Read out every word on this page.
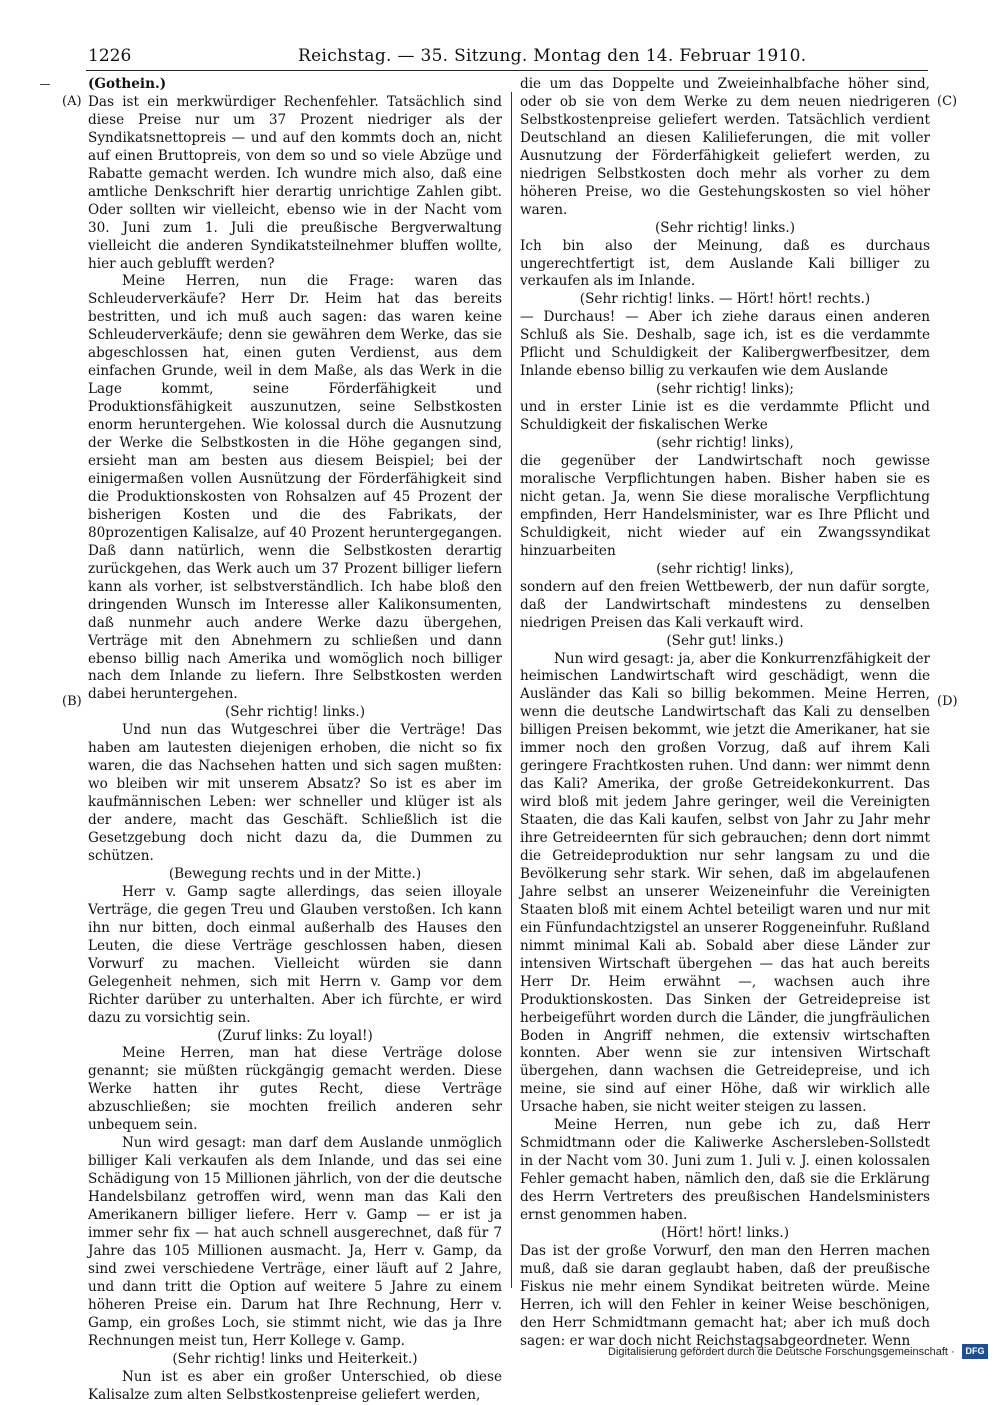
1226	Reichstag. — 35. Sitzung. Montag den 14. Februar 1910.
(A)
(B)
(C)
(D)

(Gothein.)

Das ist ein merkwürdiger Rechenfehler. Tatsächlich sind diese Preise nur um 37 Prozent niedriger als der Syndikatsnettopreis — und auf den kommts doch an, nicht auf einen Bruttopreis, von dem so und so viele Abzüge und Rabatte gemacht werden. Ich wundre mich also, daß eine amtliche Denkschrift hier derartig unrichtige Zahlen gibt. Oder sollten wir vielleicht, ebenso wie in der Nacht vom 30. Juni zum 1. Juli die preußische Bergverwaltung vielleicht die anderen Syndikatsteilnehmer bluffen wollte, hier auch geblufft werden?

Meine Herren, nun die Frage: waren das Schleuderverkäufe? Herr Dr. Heim hat das bereits bestritten, und ich muß auch sagen: das waren keine Schleuderverkäufe; denn sie gewähren dem Werke, das sie abgeschlossen hat, einen guten Verdienst, aus dem einfachen Grunde, weil in dem Maße, als das Werk in die Lage kommt, seine Förderfähigkeit und Produktionsfähigkeit auszunutzen, seine Selbstkosten enorm heruntergehen. Wie kolossal durch die Ausnutzung der Werke die Selbstkosten in die Höhe gegangen sind, ersieht man am besten aus diesem Beispiel; bei der einigermaßen vollen Ausnützung der Förderfähigkeit sind die Produktionskosten von Rohsalzen auf 45 Prozent der bisherigen Kosten und die des Fabrikats, der 80prozentigen Kalisalze, auf 40 Prozent heruntergegangen. Daß dann natürlich, wenn die Selbstkosten derartig zurückgehen, das Werk auch um 37 Prozent billiger liefern kann als vorher, ist selbstverständlich. Ich habe bloß den dringenden Wunsch im Interesse aller Kalikonsumenten, daß nunmehr auch andere Werke dazu übergehen, Verträge mit den Abnehmern zu schließen und dann ebenso billig nach Amerika und womöglich noch billiger nach dem Inlande zu liefern. Ihre Selbstkosten werden dabei heruntergehen.

(Sehr richtig! links.)

Und nun das Wutgeschrei über die Verträge! Das haben am lautesten diejenigen erhoben, die nicht so fix waren, die das Nachsehen hatten und sich sagen mußten: wo bleiben wir mit unserem Absatz? So ist es aber im kaufmännischen Leben: wer schneller und klüger ist als der andere, macht das Geschäft. Schließlich ist die Gesetzgebung doch nicht dazu da, die Dummen zu schützen.

(Bewegung rechts und in der Mitte.)

Herr v. Gamp sagte allerdings, das seien illoyale Verträge, die gegen Treu und Glauben verstoßen. Ich kann ihn nur bitten, doch einmal außerhalb des Hauses den Leuten, die diese Verträge geschlossen haben, diesen Vorwurf zu machen. Vielleicht würden sie dann Gelegenheit nehmen, sich mit Herrn v. Gamp vor dem Richter darüber zu unterhalten. Aber ich fürchte, er wird dazu zu vorsichtig sein.

(Zuruf links: Zu loyal!)

Meine Herren, man hat diese Verträge dolose genannt; sie müßten rückgängig gemacht werden. Diese Werke hatten ihr gutes Recht, diese Verträge abzuschließen; sie mochten freilich anderen sehr unbequem sein.

Nun wird gesagt: man darf dem Auslande unmöglich billiger Kali verkaufen als dem Inlande, und das sei eine Schädigung von 15 Millionen jährlich, von der die deutsche Handelsbilanz getroffen wird, wenn man das Kali den Amerikanern billiger liefere. Herr v. Gamp — er ist ja immer sehr fix — hat auch schnell ausgerechnet, daß für 7 Jahre das 105 Millionen ausmacht. Ja, Herr v. Gamp, da sind zwei verschiedene Verträge, einer läuft auf 2 Jahre, und dann tritt die Option auf weitere 5 Jahre zu einem höheren Preise ein. Darum hat Ihre Rechnung, Herr v. Gamp, ein großes Loch, sie stimmt nicht, wie das ja Ihre Rechnungen meist tun, Herr Kollege v. Gamp.

(Sehr richtig! links und Heiterkeit.)

Nun ist es aber ein großer Unterschied, ob diese Kalisalze zum alten Selbstkostenpreise geliefert werden,

die um das Doppelte und Zweieinhalbfache höher sind, oder ob sie von dem Werke zu dem neuen niedrigeren Selbstkostenpreise geliefert werden. Tatsächlich verdient Deutschland an diesen Kalilieferungen, die mit voller Ausnutzung der Förderfähigkeit geliefert werden, zu niedrigen Selbstkosten doch mehr als vorher zu dem höheren Preise, wo die Gestehungskosten so viel höher waren.

(Sehr richtig! links.)

Ich bin also der Meinung, daß es durchaus ungerechtfertigt ist, dem Auslande Kali billiger zu verkaufen als im Inlande.

(Sehr richtig! links. — Hört! hört! rechts.)

— Durchaus! — Aber ich ziehe daraus einen anderen Schluß als Sie. Deshalb, sage ich, ist es die verdammte Pflicht und Schuldigkeit der Kalibergwerfbesitzer, dem Inlande ebenso billig zu verkaufen wie dem Auslande

(sehr richtig! links);

und in erster Linie ist es die verdammte Pflicht und Schuldigkeit der fiskalischen Werke

(sehr richtig! links),

die gegenüber der Landwirtschaft noch gewisse moralische Verpflichtungen haben. Bisher haben sie es nicht getan. Ja, wenn Sie diese moralische Verpflichtung empfinden, Herr Handelsminister, war es Ihre Pflicht und Schuldigkeit, nicht wieder auf ein Zwangssyndikat hinzuarbeiten

(sehr richtig! links),

sondern auf den freien Wettbewerb, der nun dafür sorgte, daß der Landwirtschaft mindestens zu denselben niedrigen Preisen das Kali verkauft wird.

(Sehr gut! links.)

Nun wird gesagt: ja, aber die Konkurrenzfähigkeit der heimischen Landwirtschaft wird geschädigt, wenn die Ausländer das Kali so billig bekommen. Meine Herren, wenn die deutsche Landwirtschaft das Kali zu denselben billigen Preisen bekommt, wie jetzt die Amerikaner, hat sie immer noch den großen Vorzug, daß auf ihrem Kali geringere Frachtkosten ruhen. Und dann: wer nimmt denn das Kali? Amerika, der große Getreidekonkurrent. Das wird bloß mit jedem Jahre geringer, weil die Vereinigten Staaten, die das Kali kaufen, selbst von Jahr zu Jahr mehr ihre Getreideernten für sich gebrauchen; denn dort nimmt die Getreideproduktion nur sehr langsam zu und die Bevölkerung sehr stark. Wir sehen, daß im abgelaufenen Jahre selbst an unserer Weizeneinfuhr die Vereinigten Staaten bloß mit einem Achtel beteiligt waren und nur mit ein Fünfundachtzigstel an unserer Roggeneinfuhr. Rußland nimmt minimal Kali ab. Sobald aber diese Länder zur intensiven Wirtschaft übergehen — das hat auch bereits Herr Dr. Heim erwähnt —, wachsen auch ihre Produktionskosten. Das Sinken der Getreidepreise ist herbeigeführt worden durch die Länder, die jungfräulichen Boden in Angriff nehmen, die extensiv wirtschaften konnten. Aber wenn sie zur intensiven Wirtschaft übergehen, dann wachsen die Getreidepreise, und ich meine, sie sind auf einer Höhe, daß wir wirklich alle Ursache haben, sie nicht weiter steigen zu lassen.

Meine Herren, nun gebe ich zu, daß Herr Schmidtmann oder die Kaliwerke Aschersleben-Sollstedt in der Nacht vom 30. Juni zum 1. Juli v. J. einen kolossalen Fehler gemacht haben, nämlich den, daß sie die Erklärung des Herrn Vertreters des preußischen Handelsministers ernst genommen haben.

(Hört! hört! links.)

Das ist der große Vorwurf, den man den Herren machen muß, daß sie daran geglaubt haben, daß der preußische Fiskus nie mehr einem Syndikat beitreten würde. Meine Herren, ich will den Fehler in keiner Weise beschönigen, den Herr Schmidtmann gemacht hat; aber ich muß doch sagen: er war doch nicht Reichstagsabgeordneter. Wenn

Digitalisierung gefördert durch die Deutsche Forschungsgemeinschaft ·	DFG
